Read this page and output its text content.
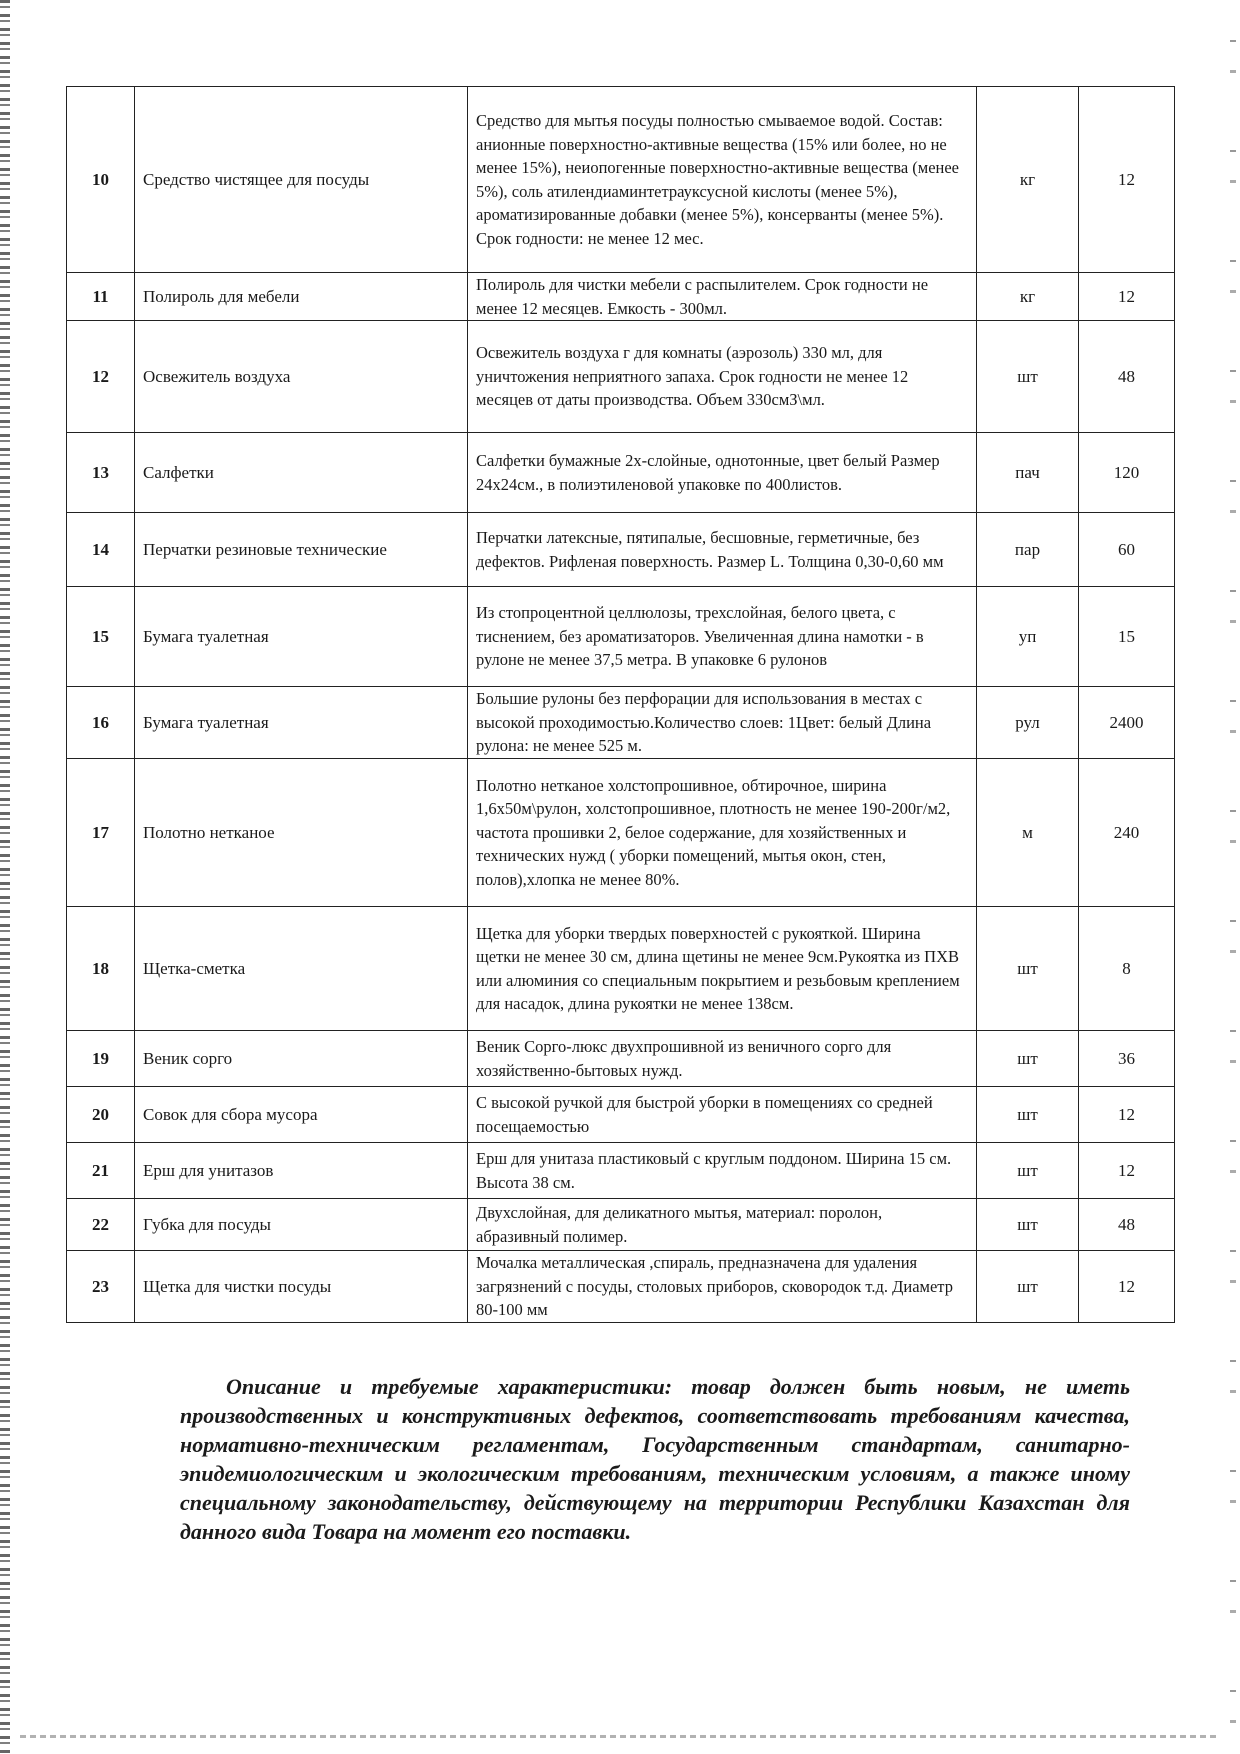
10	Средство чистящее для посуды	Средство для мытья посуды полностью смываемое водой. Состав: анионные поверхностно-активные вещества (15% или более, но не менее 15%), неиопогенные поверхностно-активные вещества (менее 5%), соль атилендиаминтетрауксусной кислоты (менее 5%), ароматизированные добавки (менее 5%), консерванты (менее 5%). Срок годности: не менее 12 мес.	кг	12
11	Полироль для мебели	Полироль для чистки мебели с распылителем. Срок годности не менее 12 месяцев. Емкость - 300мл.	кг	12
12	Освежитель воздуха	Освежитель воздуха г для комнаты (аэрозоль) 330 мл, для уничтожения неприятного запаха. Срок годности не менее 12 месяцев от даты производства. Объем 330смЗ\мл.	шт	48
13	Салфетки	Салфетки бумажные 2х-слойные, однотонные, цвет белый Размер 24х24см., в полиэтиленовой упаковке по 400листов.	пач	120
14	Перчатки резиновые технические	Перчатки латексные, пятипалые, бесшовные, герметичные, без дефектов. Рифленая поверхность. Размер L. Толщина 0,30-0,60 мм	пар	60
15	Бумага туалетная	Из стопроцентной целлюлозы, трехслойная, белого цвета, с тиснением, без ароматизаторов. Увеличенная длина намотки - в рулоне не менее 37,5 метра. В упаковке 6 рулонов	уп	15
16	Бумага туалетная	Большие рулоны без перфорации для использования в местах с высокой проходимостью.Количество слоев: 1Цвет: белый Длина рулона: не менее 525 м.	рул	2400
17	Полотно нетканое	Полотно нетканое холстопрошивное, обтирочное, ширина 1,6х50м\рулон, холстопрошивное, плотность не менее 190-200г/м2, частота прошивки 2, белое содержание, для хозяйственных и технических нужд ( уборки помещений, мытья окон, стен, полов),хлопка не менее 80%.	м	240
18	Щетка-сметка	Щетка для уборки твердых поверхностей с рукояткой. Ширина щетки не менее 30 см, длина щетины не менее 9см.Рукоятка из ПХВ или алюминия со специальным покрытием и резьбовым креплением для насадок, длина рукоятки не менее 138см.	шт	8
19	Веник сорго	Веник Сорго-люкс двухпрошивной из веничного сорго для хозяйственно-бытовых нужд.	шт	36
20	Совок для сбора мусора	С высокой ручкой для быстрой уборки в помещениях со средней посещаемостью	шт	12
21	Ерш для унитазов	Ерш для унитаза пластиковый с круглым поддоном. Ширина 15 см. Высота 38 см.	шт	12
22	Губка для посуды	Двухслойная, для деликатного мытья, материал: поролон, абразивный полимер.	шт	48
23	Щетка для чистки посуды	Мочалка металлическая ,спираль, предназначена для удаления загрязнений с посуды, столовых приборов, сковородок т.д. Диаметр 80-100 мм	шт	12

Описание и требуемые характеристики: товар должен быть новым, не иметь производственных и конструктивных дефектов, соответствовать требованиям качества, нормативно-техническим регламентам, Государственным стандартам, санитарно-эпидемиологическим и экологическим требованиям, техническим условиям, а также иному специальному законодательству, действующему на территории Республики Казахстан для данного вида Товара на момент его поставки.
